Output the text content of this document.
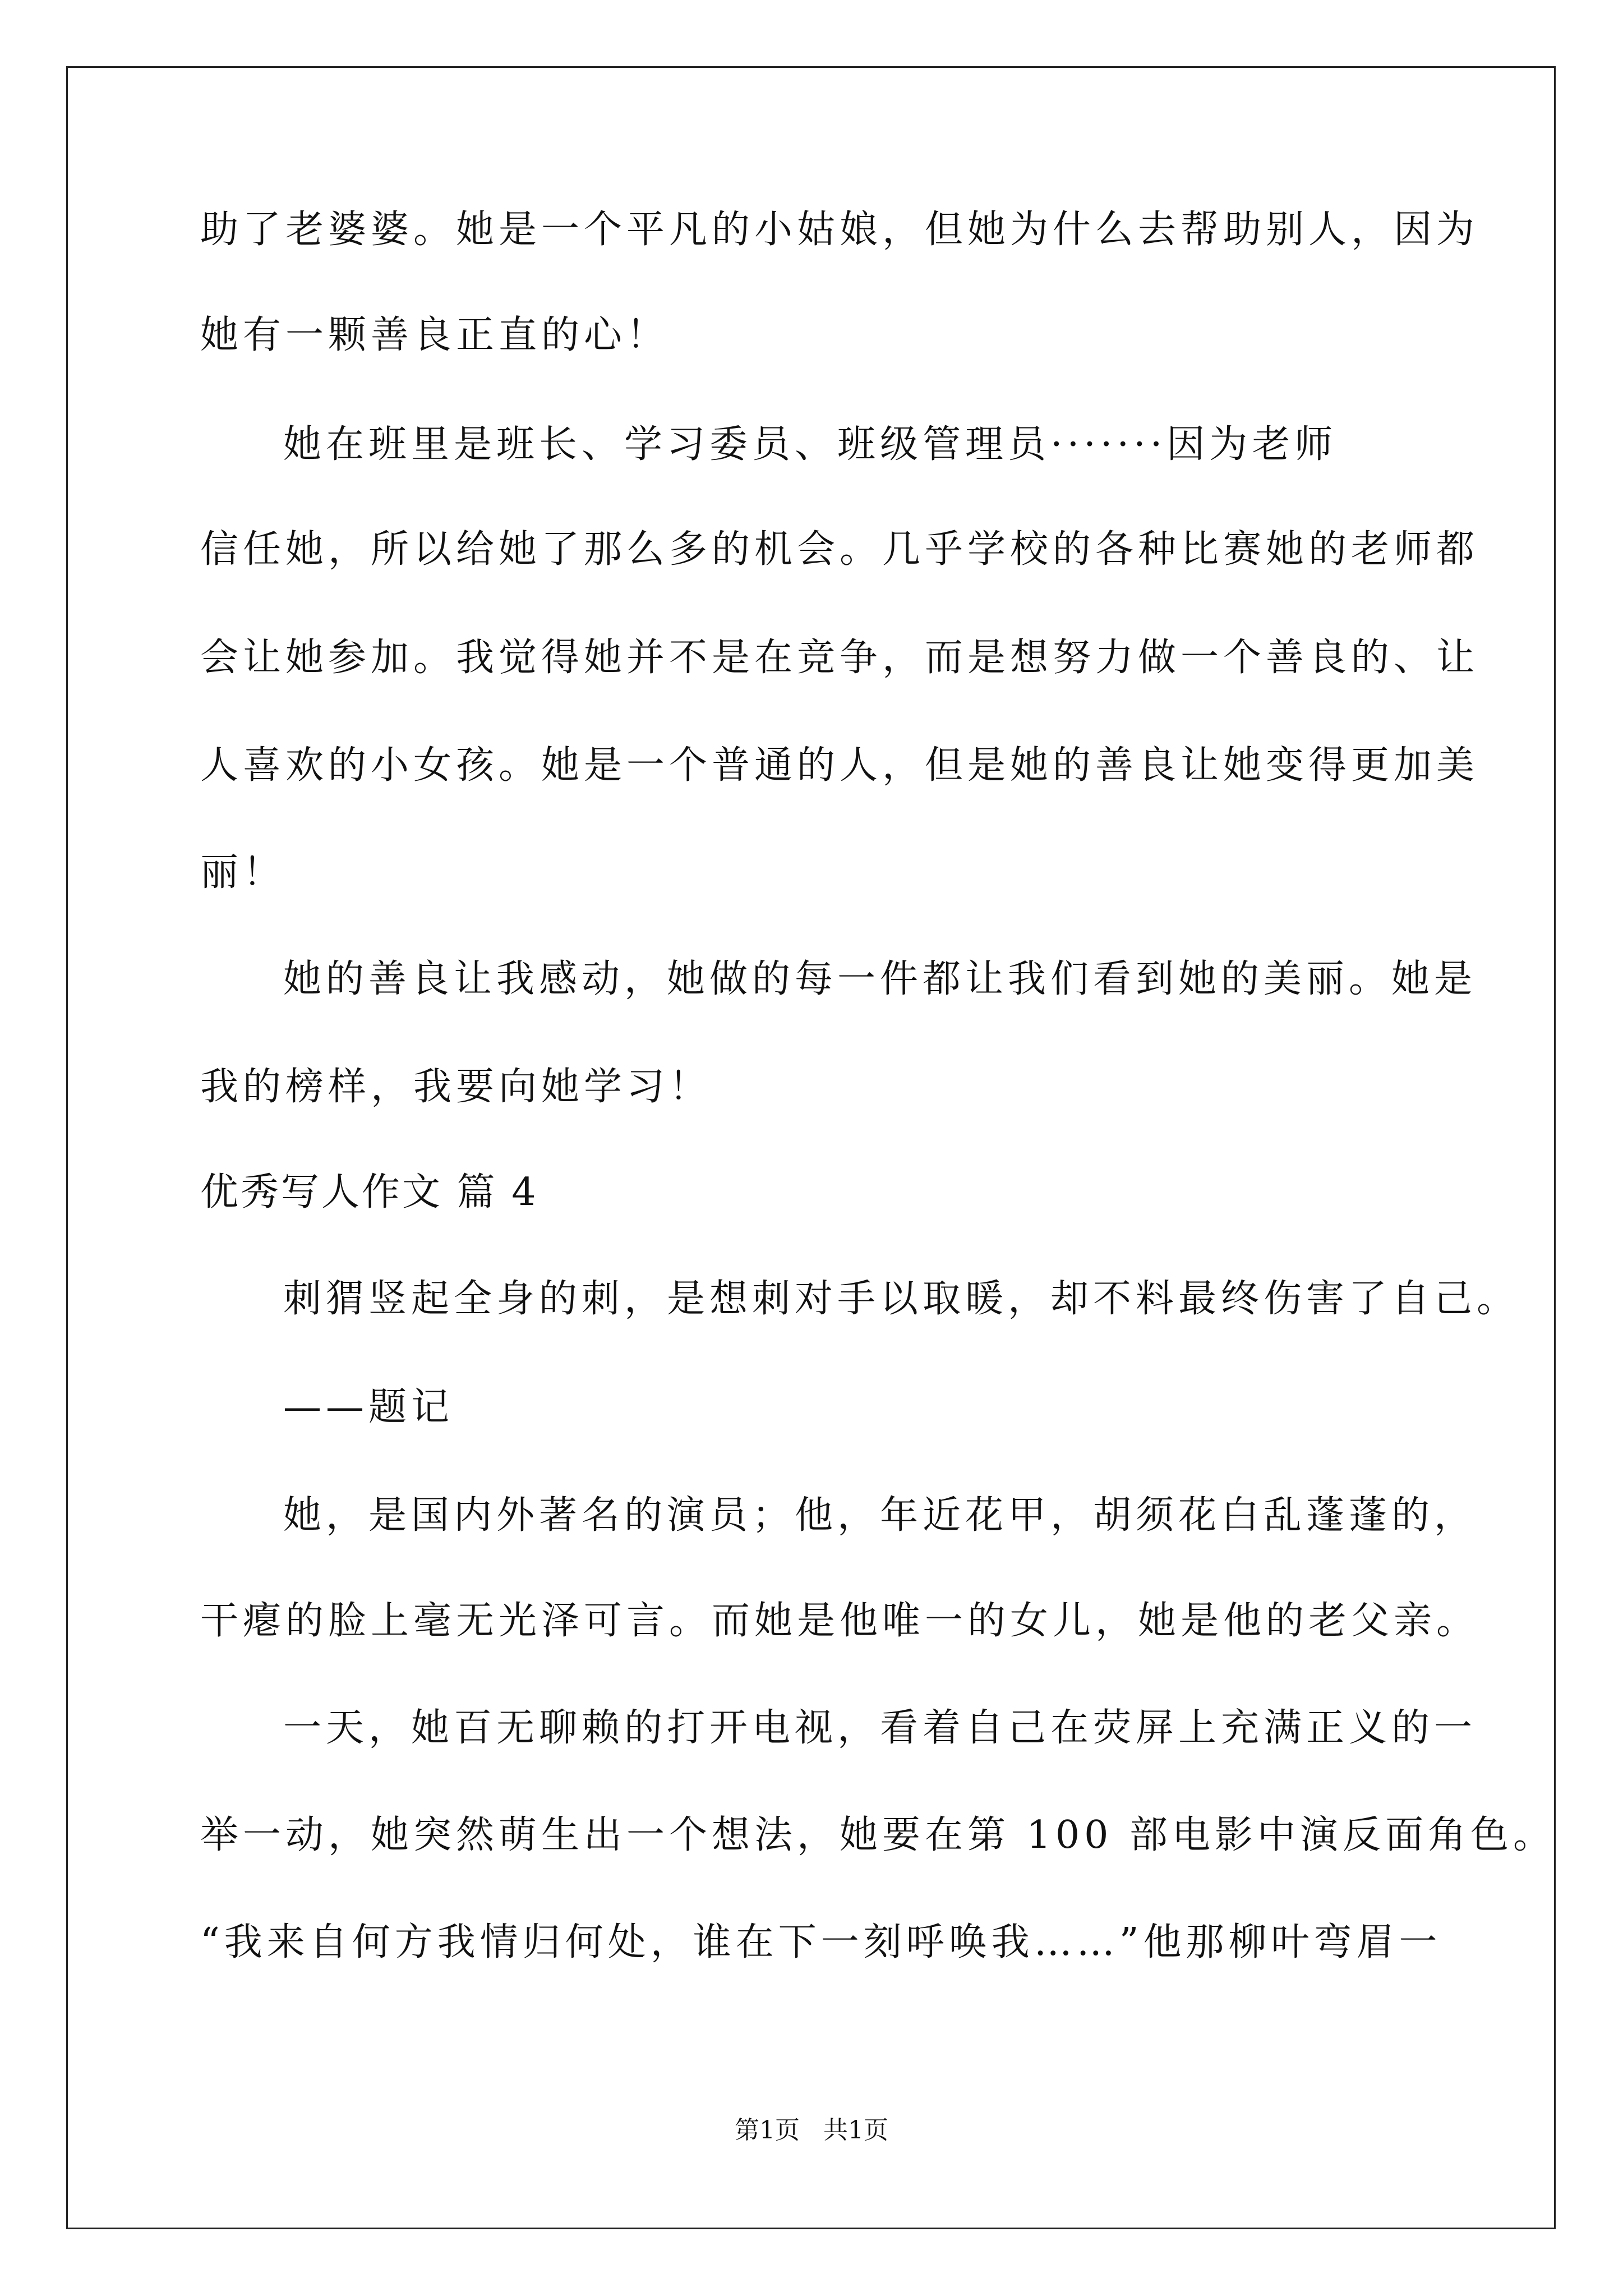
助了老婆婆。她是一个平凡的小姑娘，但她为什么去帮助别人，因为
她有一颗善良正直的心！
她在班里是班长、学习委员、班级管理员·······因为老师
信任她，所以给她了那么多的机会。几乎学校的各种比赛她的老师都
会让她参加。我觉得她并不是在竞争，而是想努力做一个善良的、让
人喜欢的小女孩。她是一个普通的人，但是她的善良让她变得更加美
丽！
她的善良让我感动，她做的每一件都让我们看到她的美丽。她是
我的榜样，我要向她学习！
优秀写人作文 篇 4
刺猬竖起全身的刺，是想刺对手以取暖，却不料最终伤害了自己。
——题记
她，是国内外著名的演员；他，年近花甲，胡须花白乱蓬蓬的，
干瘪的脸上毫无光泽可言。而她是他唯一的女儿，她是他的老父亲。
一天，她百无聊赖的打开电视，看着自己在荧屏上充满正义的一
举一动，她突然萌生出一个想法，她要在第 100 部电影中演反面角色。
“我来自何方我情归何处，谁在下一刻呼唤我……”他那柳叶弯眉一
第1页   共1页
